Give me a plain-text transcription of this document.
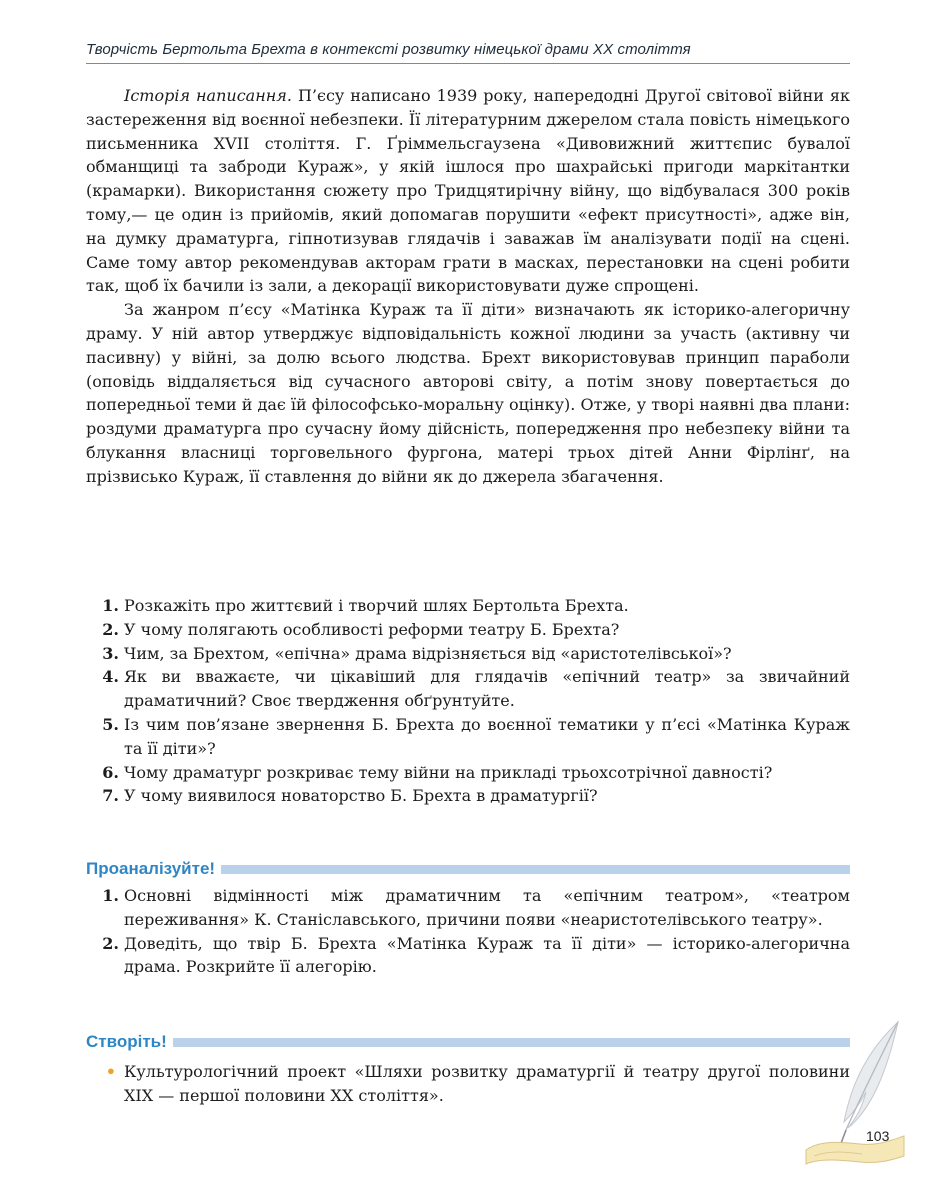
Творчість Бертольта Брехта в контексті розвитку німецької драми ХХ століття

Історія написання. П’єсу написано 1939 року, напередодні Другої світової війни як застереження від воєнної небезпеки. Її літературним джерелом стала повість німецького письменника XVII століття. Г. Ґріммельсгаузена «Дивовижний життєпис бувалої обманщиці та заброди Кураж», у якій ішлося про шахрайські пригоди маркітантки (крамарки). Використання сюжету про Тридцятирічну війну, що відбувалася 300 років тому,— це один із прийомів, який допомагав порушити «ефект присутності», адже він, на думку драматурга, гіпнотизував глядачів і заважав їм аналізувати події на сцені. Саме тому автор рекомендував акторам грати в масках, перестановки на сцені робити так, щоб їх бачили із зали, а декорації використовувати дуже спрощені.

За жанром п’єсу «Матінка Кураж та її діти» визначають як історико-алегоричну драму. У ній автор утверджує відповідальність кожної людини за участь (активну чи пасивну) у війні, за долю всього людства. Брехт використовував принцип параболи (оповідь віддаляється від сучасного авторові світу, а потім знову повертається до попередньої теми й дає їй філософсько-моральну оцінку). Отже, у творі наявні два плани: роздуми драматурга про сучасну йому дійсність, попередження про небезпеку війни та блукання власниці торговельного фургона, матері трьох дітей Анни Фірлінґ, на прізвисько Кураж, її ставлення до війни як до джерела збагачення.

1. Розкажіть про життєвий і творчий шлях Бертольта Брехта.
2. У чому полягають особливості реформи театру Б. Брехта?
3. Чим, за Брехтом, «епічна» драма відрізняється від «аристотелівської»?
4. Як ви вважаєте, чи цікавіший для глядачів «епічний театр» за звичайний драматичний? Своє твердження обґрунтуйте.
5. Із чим пов’язане звернення Б. Брехта до воєнної тематики у п’єсі «Матінка Кураж та її діти»?
6. Чому драматург розкриває тему війни на прикладі трьохсотрічної давності?
7. У чому виявилося новаторство Б. Брехта в драматургії?
Проаналізуйте!
1. Основні відмінності між драматичним та «епічним театром», «театром переживання» К. Станіславського, причини появи «неаристотелівського театру».
2. Доведіть, що твір Б. Брехта «Матінка Кураж та її діти» — історико-алегорична драма. Розкрийте її алегорію.
Створіть!
• Культурологічний проект «Шляхи розвитку драматургії й театру другої половини XIX — першої половини XX століття».
103
